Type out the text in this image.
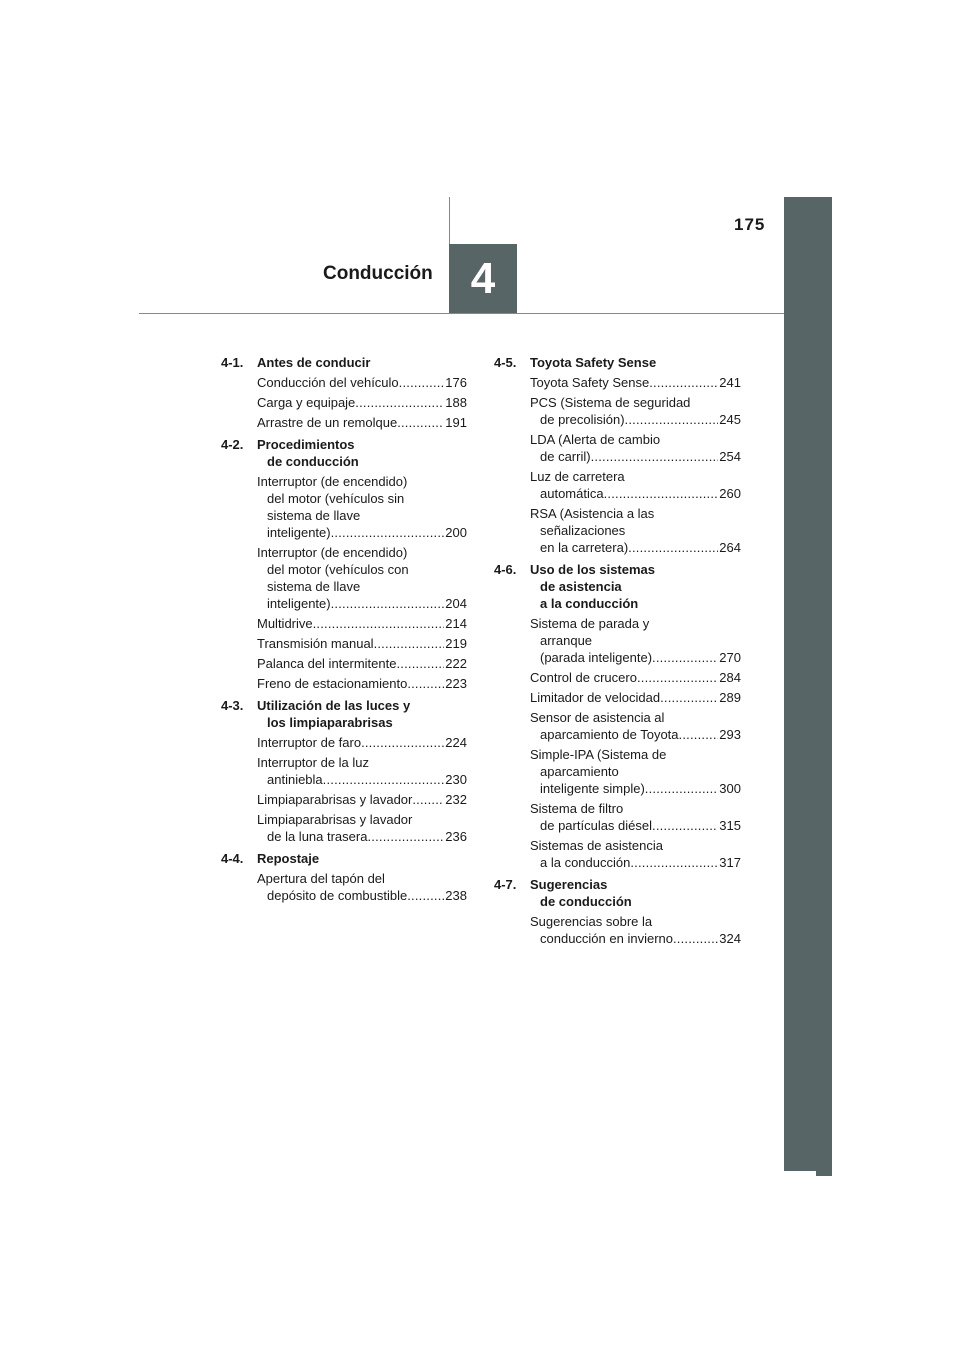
175
Conducción 4
4-1.	Antes de conducir
Conducción del vehículo .....	176
Carga y equipaje .....	188
Arrastre de un remolque .....	191
4-2.	Procedimientos
de conducción
Interruptor (de encendido)
del motor (vehículos sin
sistema de llave
inteligente) .....	200
Interruptor (de encendido)
del motor (vehículos con
sistema de llave
inteligente) .....	204
Multidrive .....	214
Transmisión manual .....	219
Palanca del intermitente .....	222
Freno de estacionamiento .....	223
4-3.	Utilización de las luces y
los limpiaparabrisas
Interruptor de faro .....	224
Interruptor de la luz
antiniebla .....	230
Limpiaparabrisas y lavador .....	232
Limpiaparabrisas y lavador
de la luna trasera .....	236
4-4.	Repostaje
Apertura del tapón del
depósito de combustible .....	238
4-5.	Toyota Safety Sense
Toyota Safety Sense .....	241
PCS (Sistema de seguridad
de precolisión) .....	245
LDA (Alerta de cambio
de carril) .....	254
Luz de carretera
automática .....	260
RSA (Asistencia a las
señalizaciones
en la carretera) .....	264
4-6.	Uso de los sistemas
de asistencia
a la conducción
Sistema de parada y
arranque
(parada inteligente) .....	270
Control de crucero .....	284
Limitador de velocidad .....	289
Sensor de asistencia al
aparcamiento de Toyota .....	293
Simple-IPA (Sistema de
aparcamiento
inteligente simple) .....	300
Sistema de filtro
de partículas diésel .....	315
Sistemas de asistencia
a la conducción .....	317
4-7.	Sugerencias
de conducción
Sugerencias sobre la
conducción en invierno .....	324
